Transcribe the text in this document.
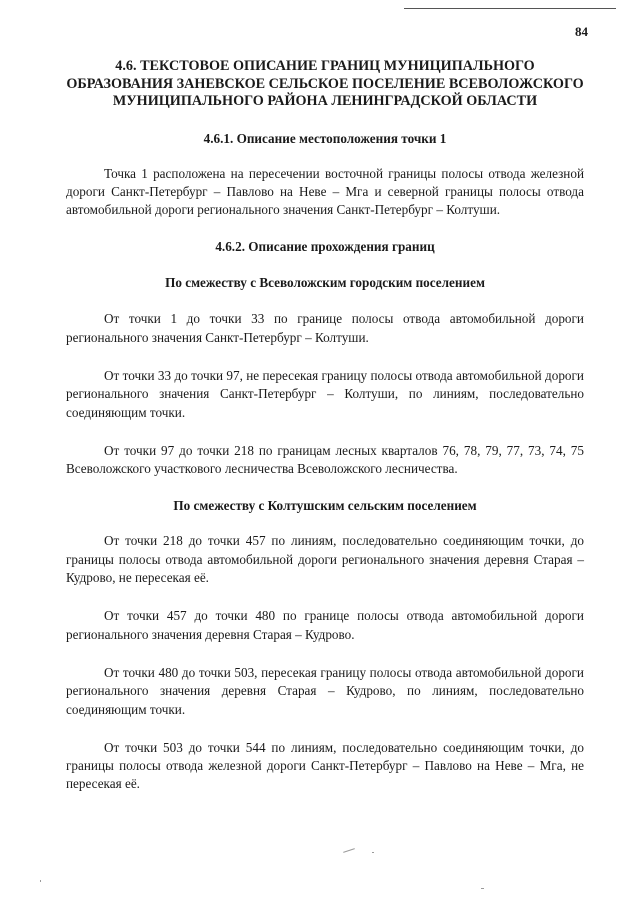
84
4.6. ТЕКСТОВОЕ ОПИСАНИЕ ГРАНИЦ МУНИЦИПАЛЬНОГО ОБРАЗОВАНИЯ ЗАНЕВСКОЕ СЕЛЬСКОЕ ПОСЕЛЕНИЕ ВСЕВОЛОЖСКОГО МУНИЦИПАЛЬНОГО РАЙОНА ЛЕНИНГРАДСКОЙ ОБЛАСТИ
4.6.1. Описание местоположения точки 1

Точка 1 расположена на пересечении восточной границы полосы отвода железной дороги Санкт-Петербург – Павлово на Неве – Мга и северной границы полосы отвода автомобильной дороги регионального значения Санкт-Петербург – Колтуши.

4.6.2. Описание прохождения границ
По смежеству с Всеволожским городским поселением

От точки 1 до точки 33 по границе полосы отвода автомобильной дороги регионального значения Санкт-Петербург – Колтуши.

От точки 33 до точки 97, не пересекая границу полосы отвода автомобильной дороги регионального значения Санкт-Петербург – Колтуши, по линиям, последовательно соединяющим точки.

От точки 97 до точки 218 по границам лесных кварталов 76, 78, 79, 77, 73, 74, 75 Всеволожского участкового лесничества Всеволожского лесничества.

По смежеству с Колтушским сельским поселением

От точки 218 до точки 457 по линиям, последовательно соединяющим точки, до границы полосы отвода автомобильной дороги регионального значения деревня Старая – Кудрово, не пересекая её.

От точки 457 до точки 480 по границе полосы отвода автомобильной дороги регионального значения деревня Старая – Кудрово.

От точки 480 до точки 503, пересекая границу полосы отвода автомобильной дороги регионального значения деревня Старая – Кудрово, по линиям, последовательно соединяющим точки.

От точки 503 до точки 544 по линиям, последовательно соединяющим точки, до границы полосы отвода железной дороги Санкт-Петербург – Павлово на Неве – Мга, не пересекая её.
